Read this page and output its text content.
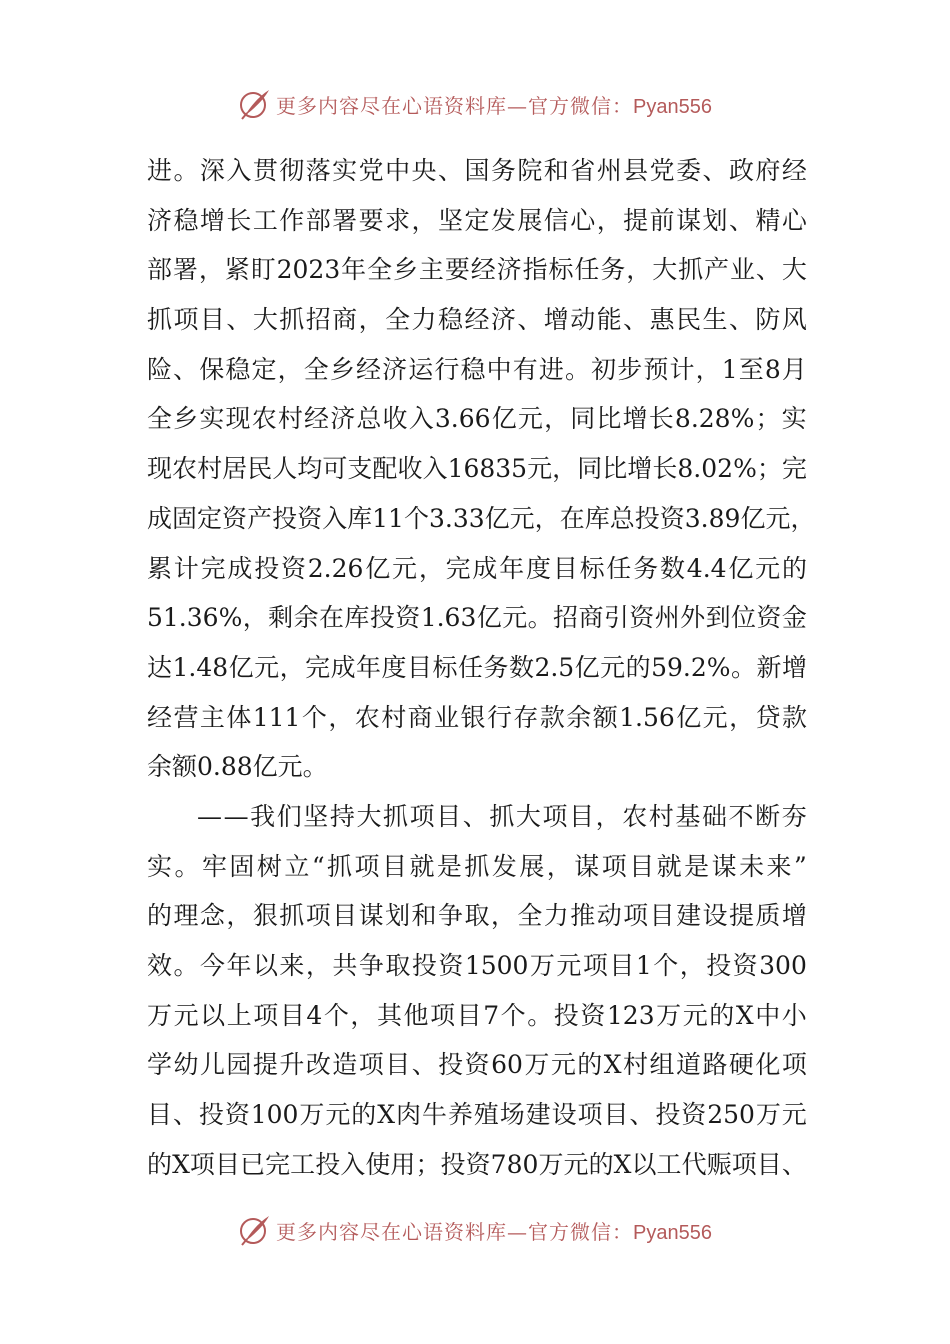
更多内容尽在心语资料库—官方微信：Pyan556
进 。 深 入 贯 彻 落 实 党 中 央 、 国 务 院 和 省 州 县 党 委 、 政 府 经
济 稳 增 长 工 作 部 署 要 求 ， 坚 定 发 展 信 心 ， 提 前 谋 划 、 精 心
部 署 ， 紧 盯 2023 年 全 乡 主 要 经 济 指 标 任 务 ， 大 抓 产 业 、 大
抓 项 目 、 大 抓 招 商 ， 全 力 稳 经 济 、 增 动 能 、 惠 民 生 、 防 风
险 、 保 稳 定 ， 全 乡 经 济 运 行 稳 中 有 进 。 初 步 预 计 ， 1 至 8 月
全 乡 实 现 农 村 经 济 总 收 入 3.66 亿 元 ， 同 比 增 长 8.28% ； 实
现 农 村 居 民 人 均 可 支 配 收 入 16835 元 ， 同 比 增 长 8.02% ； 完
成 固 定 资 产 投 资 入 库 11 个 3.33 亿 元 ， 在 库 总 投 资 3.89 亿 元 ，
累 计 完 成 投 资 2.26 亿 元 ， 完 成 年 度 目 标 任 务 数 4.4 亿 元 的
51.36% ， 剩 余 在 库 投 资 1.63 亿 元 。 招 商 引 资 州 外 到 位 资 金
达 1.48 亿 元 ， 完 成 年 度 目 标 任 务 数 2.5 亿 元 的 59.2% 。 新 增
经 营 主 体 111 个 ， 农 村 商 业 银 行 存 款 余 额 1.56 亿 元 ， 贷 款
余额0.88亿元。
— — 我 们 坚 持 大 抓 项 目 、 抓 大 项 目 ， 农 村 基 础 不 断 夯
实 。 牢 固 树 立 “ 抓 项 目 就 是 抓 发 展 ， 谋 项 目 就 是 谋 未 来 ”
的 理 念 ， 狠 抓 项 目 谋 划 和 争 取 ， 全 力 推 动 项 目 建 设 提 质 增
效 。 今 年 以 来 ， 共 争 取 投 资 1500 万 元 项 目 1 个 ， 投 资 300
万 元 以 上 项 目 4 个 ， 其 他 项 目 7 个 。 投 资 123 万 元 的 X 中 小
学 幼 儿 园 提 升 改 造 项 目 、 投 资 60 万 元 的 X 村 组 道 路 硬 化 项
目 、 投 资 100 万 元 的 X 肉 牛 养 殖 场 建 设 项 目 、 投 资 250 万 元
的 X 项 目 已 完 工 投 入 使 用 ； 投 资 780 万 元 的 X 以 工 代 赈 项 目 、
更多内容尽在心语资料库—官方微信：Pyan556
